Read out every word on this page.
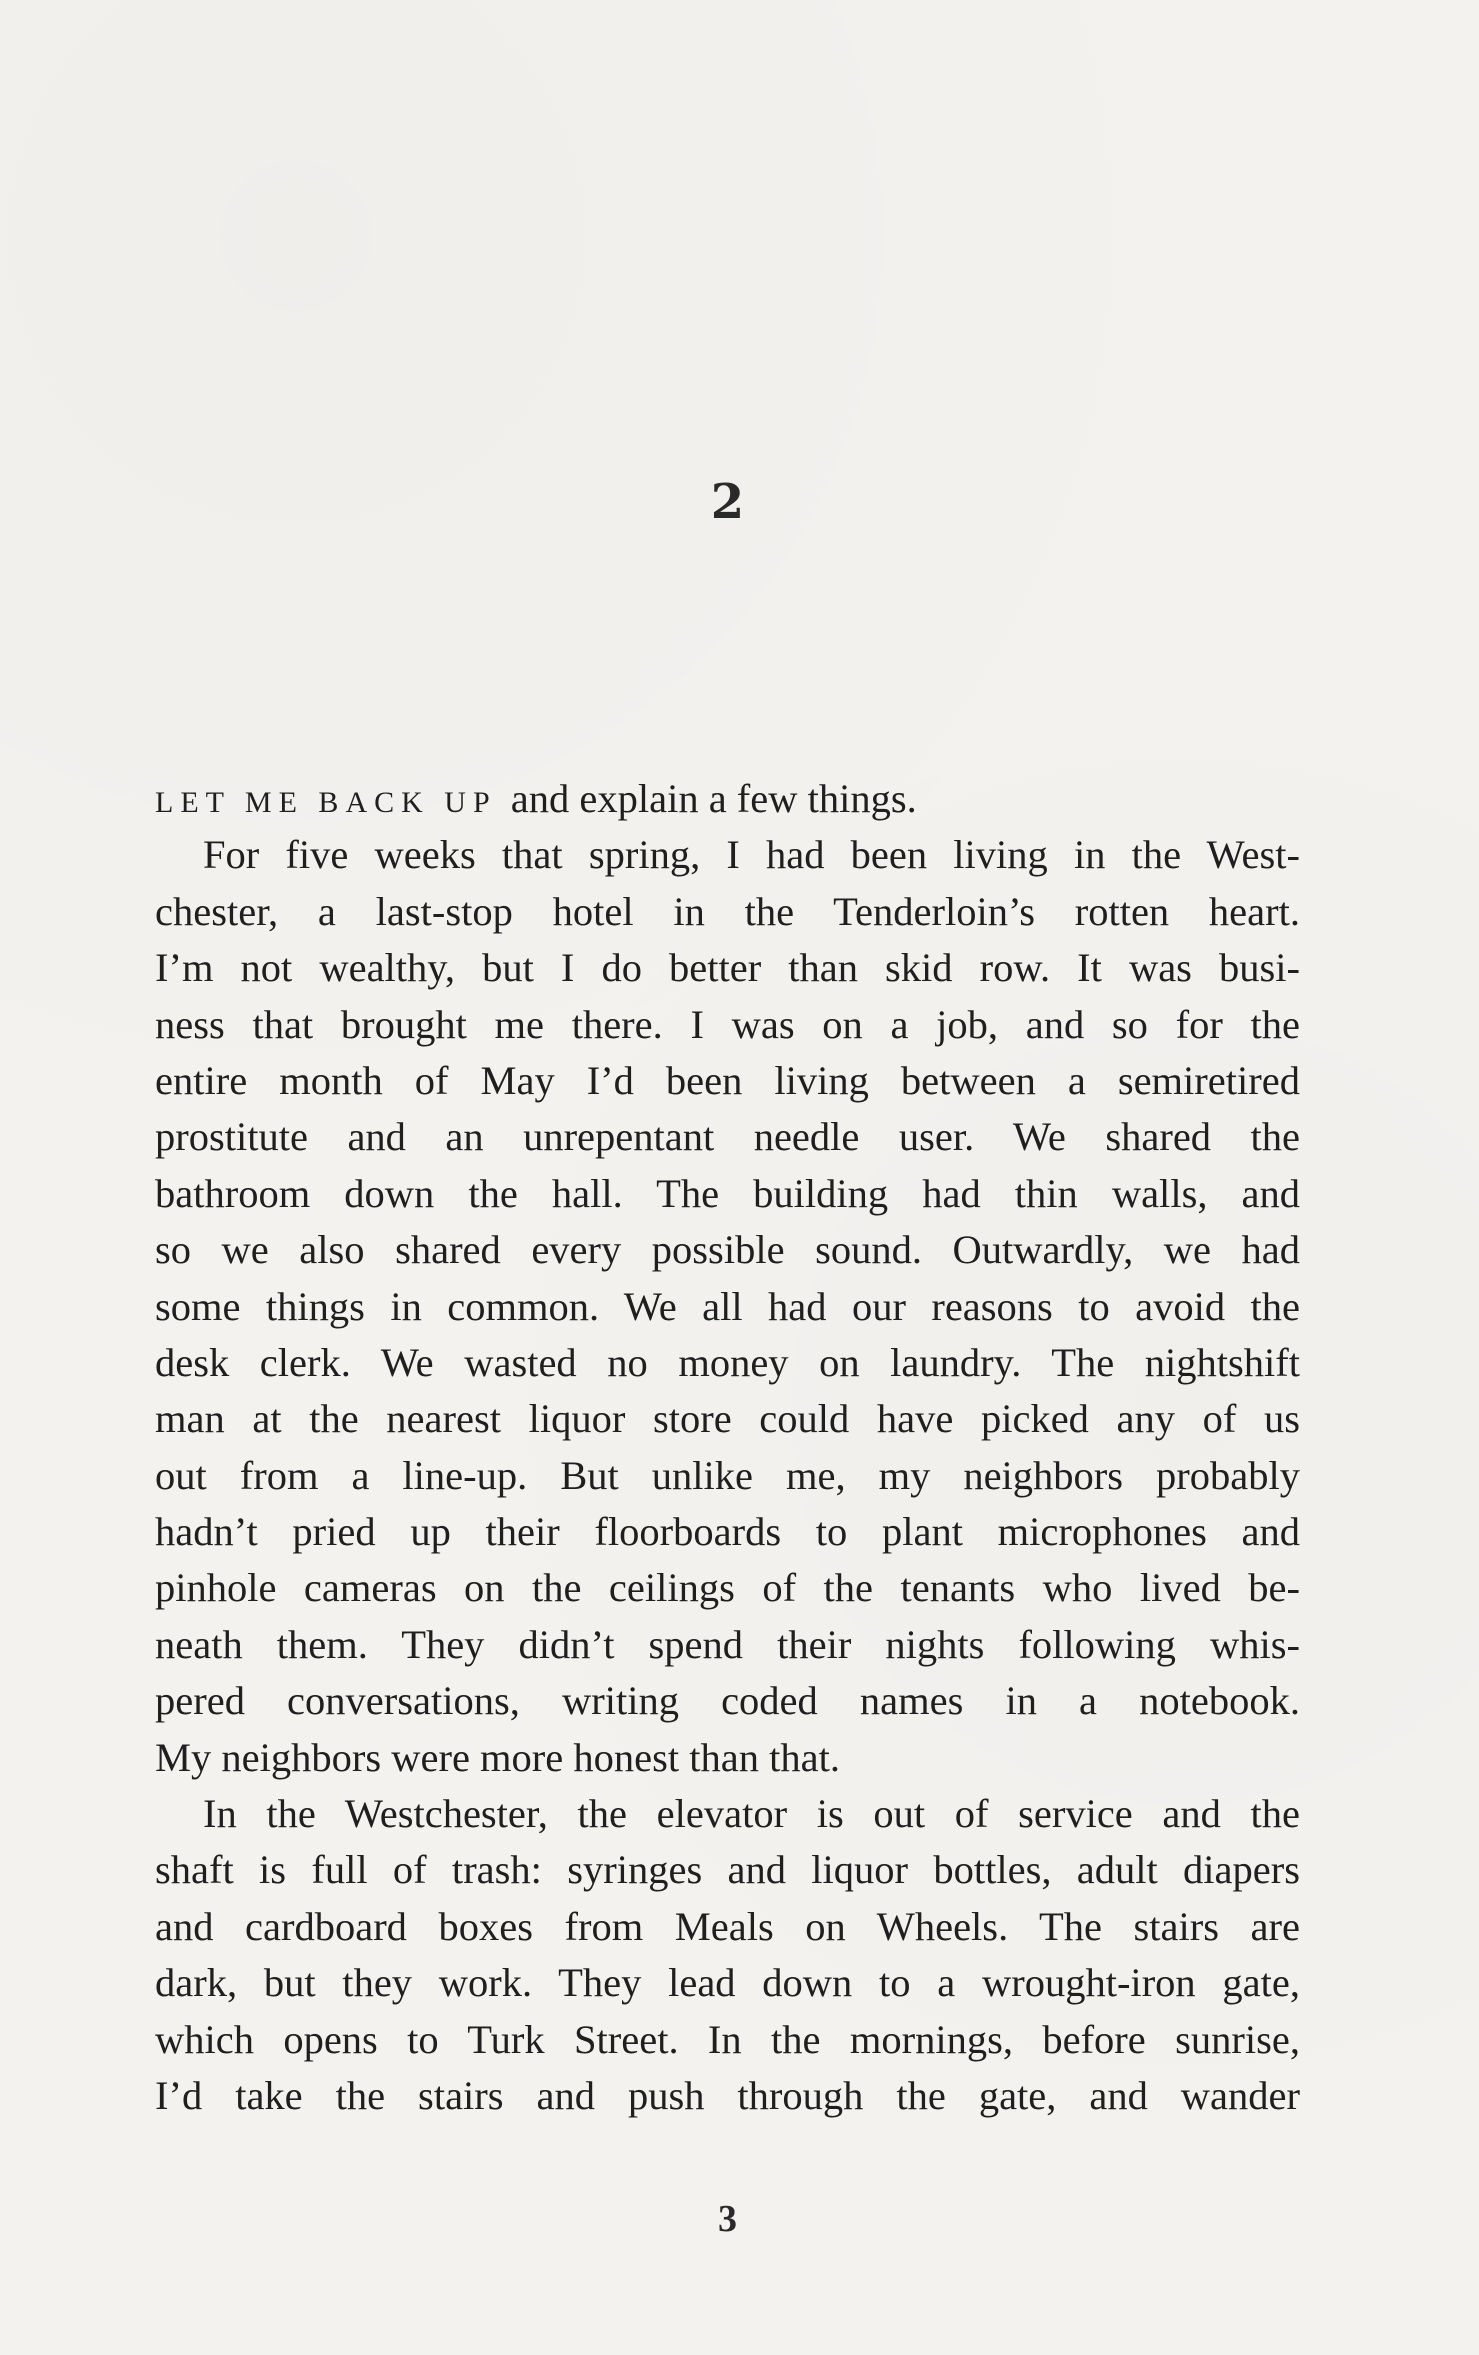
2
LET ME BACK UP and explain a few things.
For five weeks that spring, I had been living in the West-
chester, a last-stop hotel in the Tenderloin’s rotten heart.
I’m not wealthy, but I do better than skid row. It was busi-
ness that brought me there. I was on a job, and so for the
entire month of May I’d been living between a semiretired
prostitute and an unrepentant needle user. We shared the
bathroom down the hall. The building had thin walls, and
so we also shared every possible sound. Outwardly, we had
some things in common. We all had our reasons to avoid the
desk clerk. We wasted no money on laundry. The nightshift
man at the nearest liquor store could have picked any of us
out from a line-up. But unlike me, my neighbors probably
hadn’t pried up their floorboards to plant microphones and
pinhole cameras on the ceilings of the tenants who lived be-
neath them. They didn’t spend their nights following whis-
pered conversations, writing coded names in a notebook.
My neighbors were more honest than that.
In the Westchester, the elevator is out of service and the
shaft is full of trash: syringes and liquor bottles, adult diapers
and cardboard boxes from Meals on Wheels. The stairs are
dark, but they work. They lead down to a wrought-iron gate,
which opens to Turk Street. In the mornings, before sunrise,
I’d take the stairs and push through the gate, and wander
3
